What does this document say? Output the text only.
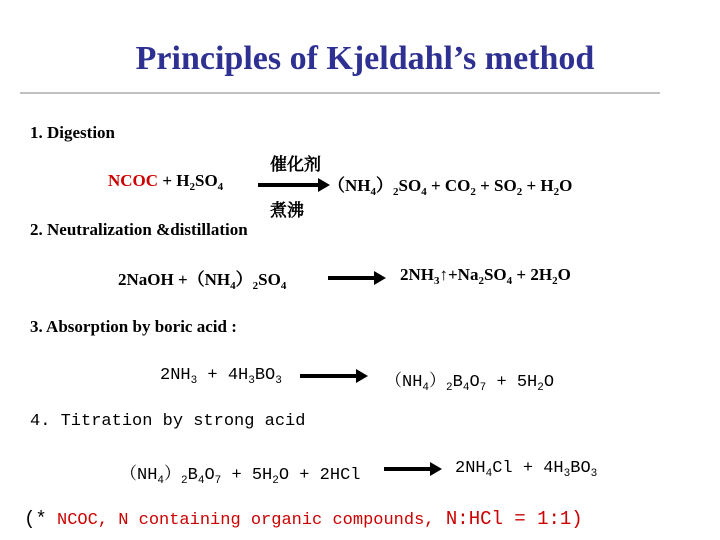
Principles of Kjeldahl’s method
1. Digestion
NCOC + $H_2SO_4$
催化剂
煮沸
$(NH_4)_2SO_4 + CO_2 + SO_2 + H_2O$
2. Neutralization &distillation
2NaOH $+(NH_4)_2SO_4$
→ $2NH_3↑+Na_2SO_4 + 2H_2O$
3. Absorption by boric acid :
$2NH_3 + 4H_3BO_3 \to (NH_4)_2B_4O_7 + 5H_2O$
4. Titration by strong acid
$(NH_4)_2B_4O_7 + 5H_2O + 2HCl \to 2NH_4Cl + 4H_3BO_3$
(* NCOC, N containing organic compounds, N:HCl = 1:1)
